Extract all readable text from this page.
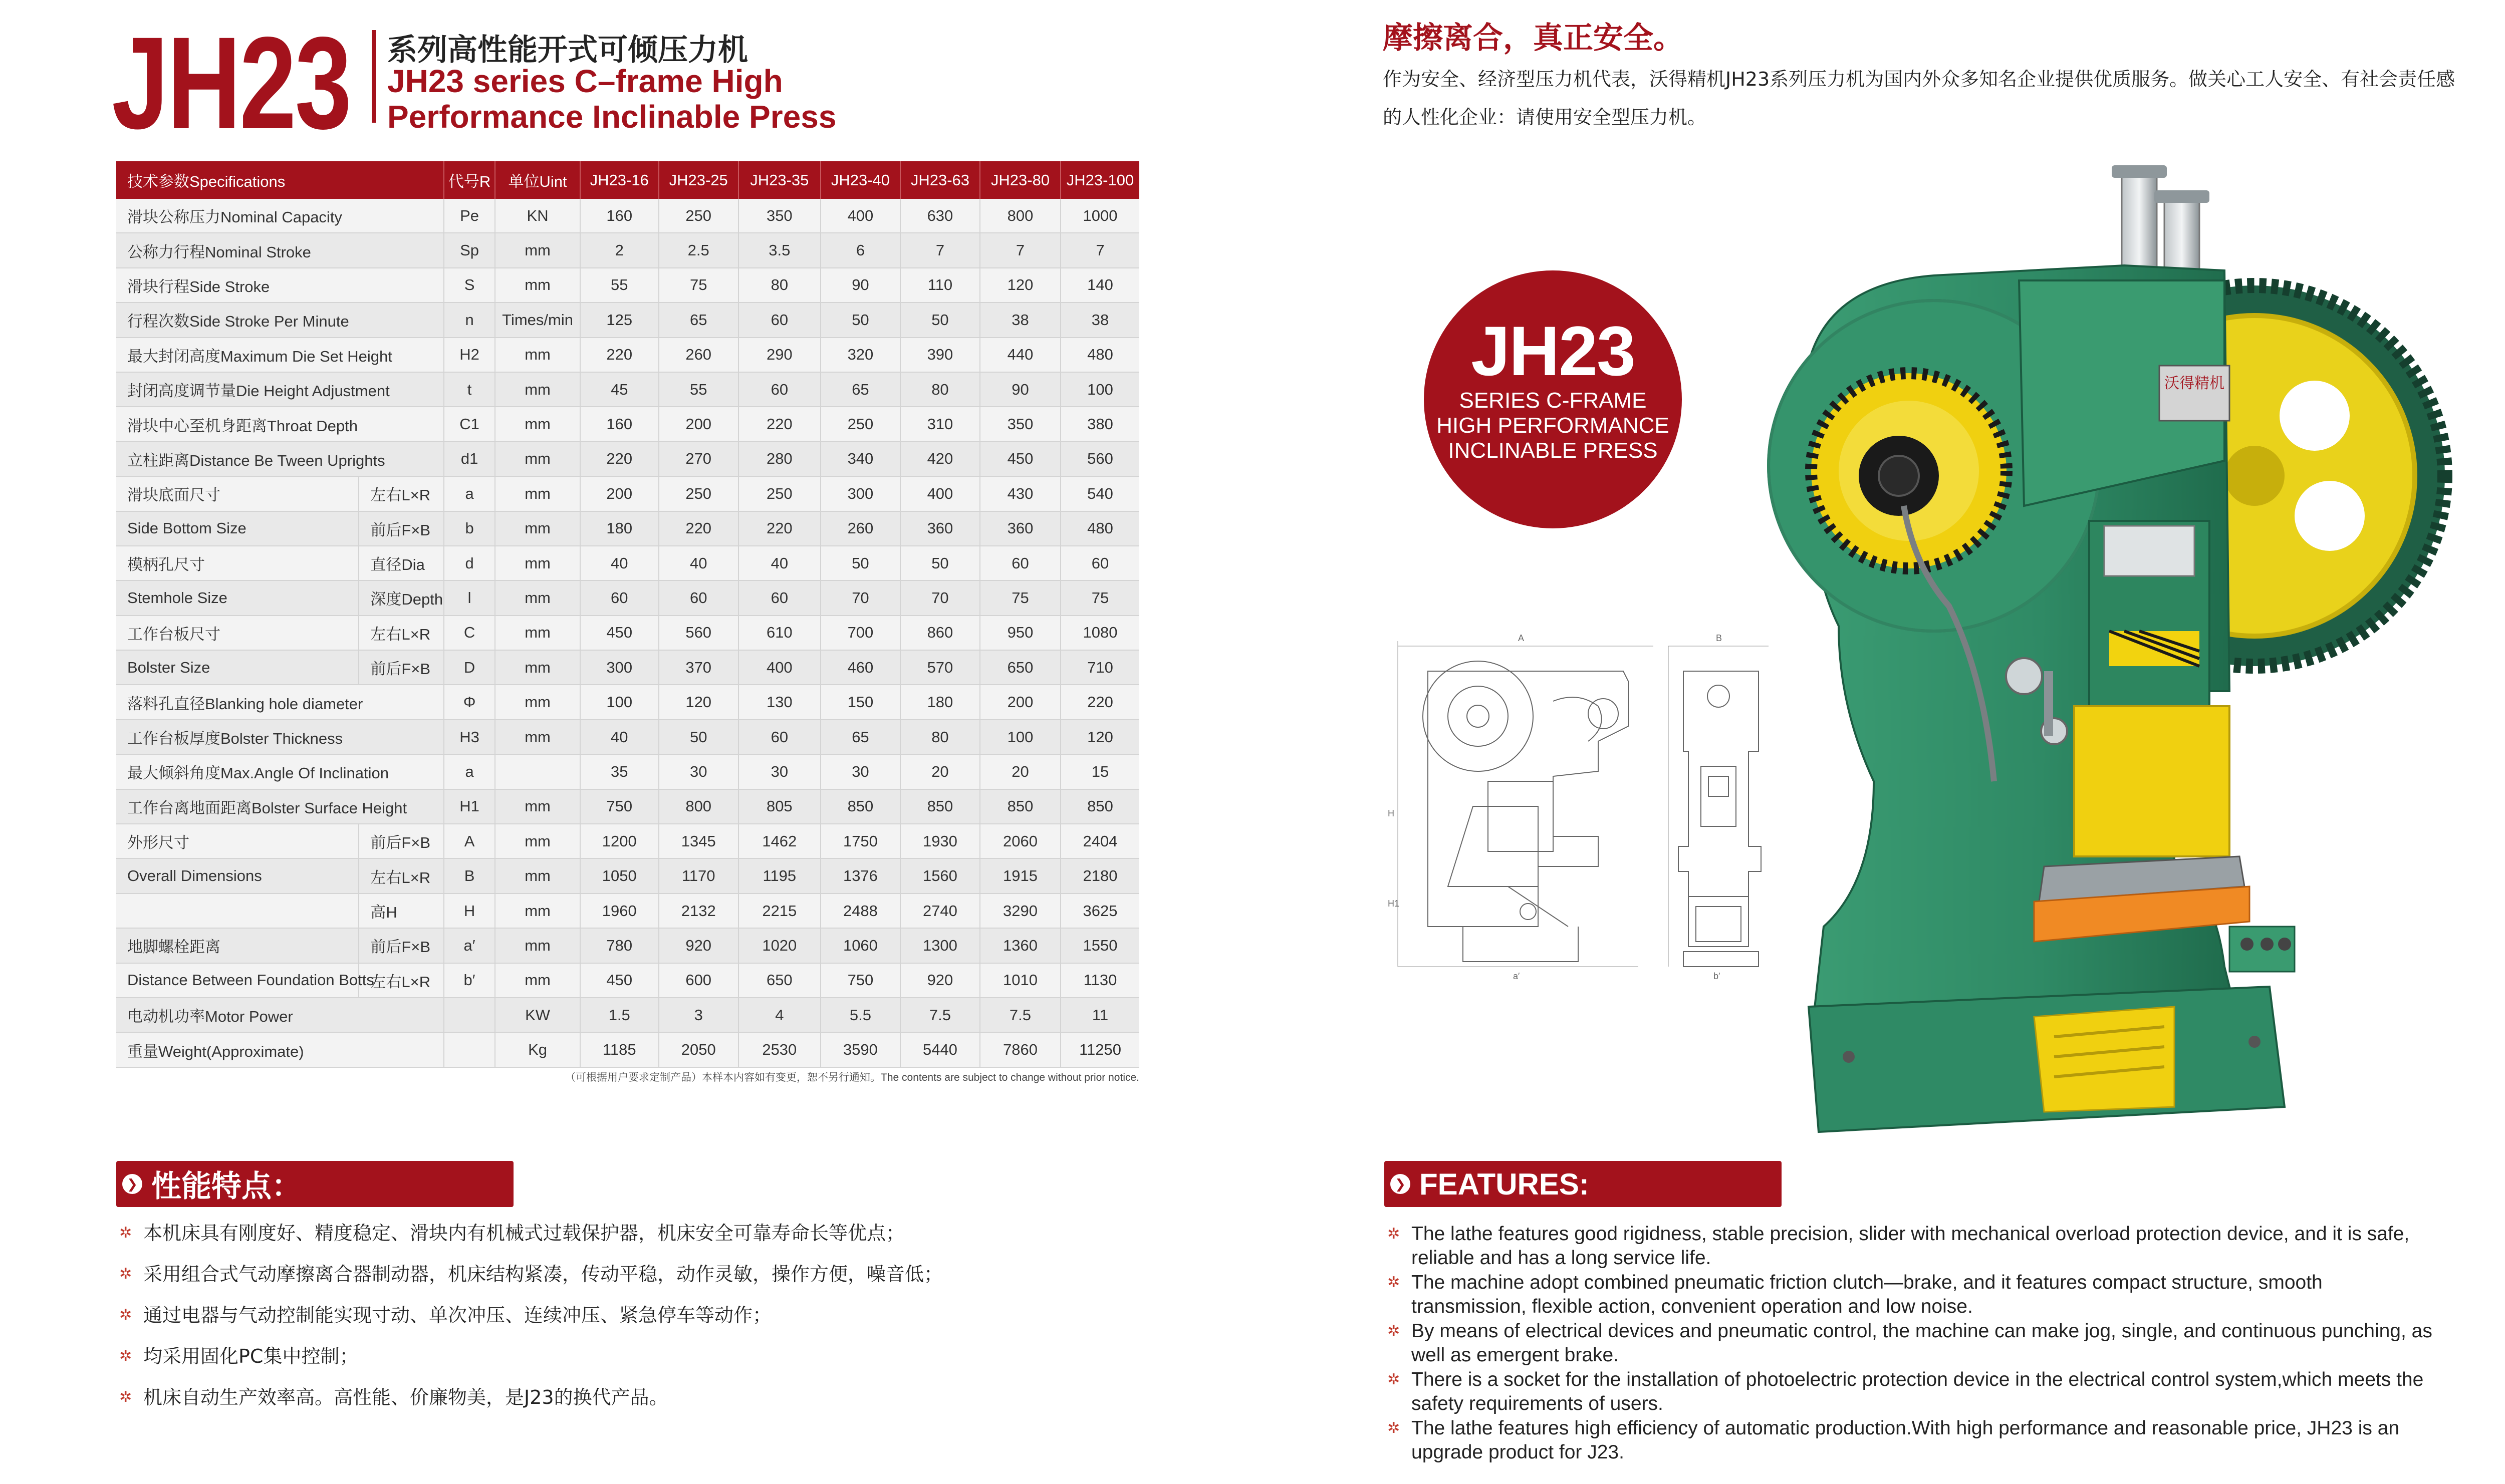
JH23 系列高性能开式可倾压力机
JH23 series C–frame High
Performance Inclinable Press
技术参数Specifications		代号R	单位Uint	JH23-16	JH23-25	JH23-35	JH23-40	JH23-63	JH23-80	JH23-100
滑块公称压力Nominal Capacity		Pe	KN	160	250	350	400	630	800	1000
公称力行程Nominal Stroke		Sp	mm	2	2.5	3.5	6	7	7	7
滑块行程Side Stroke		S	mm	55	75	80	90	110	120	140
行程次数Side Stroke Per Minute		n	Times/min	125	65	60	50	50	38	38
最大封闭高度Maximum Die Set Height		H2	mm	220	260	290	320	390	440	480
封闭高度调节量Die Height Adjustment		t	mm	45	55	60	65	80	90	100
滑块中心至机身距离Throat Depth		C1	mm	160	200	220	250	310	350	380
立柱距离Distance Be Tween Uprights		d1	mm	220	270	280	340	420	450	560
滑块底面尺寸	左右L×R	a	mm	200	250	250	300	400	430	540
Side Bottom Size	前后F×B	b	mm	180	220	220	260	360	360	480
模柄孔尺寸	直径Dia	d	mm	40	40	40	50	50	60	60
Stemhole Size	深度Depth	l	mm	60	60	60	70	70	75	75
工作台板尺寸	左右L×R	C	mm	450	560	610	700	860	950	1080
Bolster Size	前后F×B	D	mm	300	370	400	460	570	650	710
落料孔直径Blanking hole diameter		Φ	mm	100	120	130	150	180	200	220
工作台板厚度Bolster Thickness		H3	mm	40	50	60	65	80	100	120
最大倾斜角度Max.Angle Of Inclination		a		35	30	30	30	20	20	15
工作台离地面距离Bolster Surface Height		H1	mm	750	800	805	850	850	850	850
外形尺寸	前后F×B	A	mm	1200	1345	1462	1750	1930	2060	2404
Overall Dimensions	左右L×R	B	mm	1050	1170	1195	1376	1560	1915	2180
	高H	H	mm	1960	2132	2215	2488	2740	3290	3625
地脚螺栓距离	前后F×B	a′	mm	780	920	1020	1060	1300	1360	1550
Distance Between Foundation Botts	左右L×R	b′	mm	450	600	650	750	920	1010	1130
电动机功率Motor Power			KW	1.5	3	4	5.5	7.5	7.5	11
重量Weight(Approximate)			Kg	1185	2050	2530	3590	5440	7860	11250
（可根据用户要求定制产品）本样本内容如有变更，恕不另行通知。The contents are subject to change without prior notice.
❯ 性能特点：
✲ 本机床具有刚度好、精度稳定、滑块内有机械式过载保护器，机床安全可靠寿命长等优点；
✲ 采用组合式气动摩擦离合器制动器，机床结构紧凑，传动平稳，动作灵敏，操作方便，噪音低；
✲ 通过电器与气动控制能实现寸动、单次冲压、连续冲压、紧急停车等动作；
✲ 均采用固化PC集中控制；
✲ 机床自动生产效率高。高性能、价廉物美，是J23的换代产品。
摩擦离合，真正安全。
作为安全、经济型压力机代表，沃得精机JH23系列压力机为国内外众多知名企业提供优质服务。做关心工人安全、有社会责任感的人性化企业：请使用安全型压力机。
JH23
SERIES C-FRAME
HIGH PERFORMANCE
INCLINABLE PRESS
A	B
H
H1
a′	b′
沃得精机
❯ FEATURES:
✲ The lathe features good rigidness, stable precision, slider with mechanical overload protection device, and it is safe, reliable and has a long service life.
✲ The machine adopt combined pneumatic friction clutch—brake, and it features compact structure, smooth transmission, flexible action, convenient operation and low noise.
✲ By means of electrical devices and pneumatic control, the machine can make jog, single, and continuous punching, as well as emergent brake.
✲ There is a socket for the installation of photoelectric protection device in the electrical control system,which meets the safety requirements of users.
✲ The lathe features high efficiency of automatic production.With high performance and reasonable price, JH23 is an upgrade product for J23.
